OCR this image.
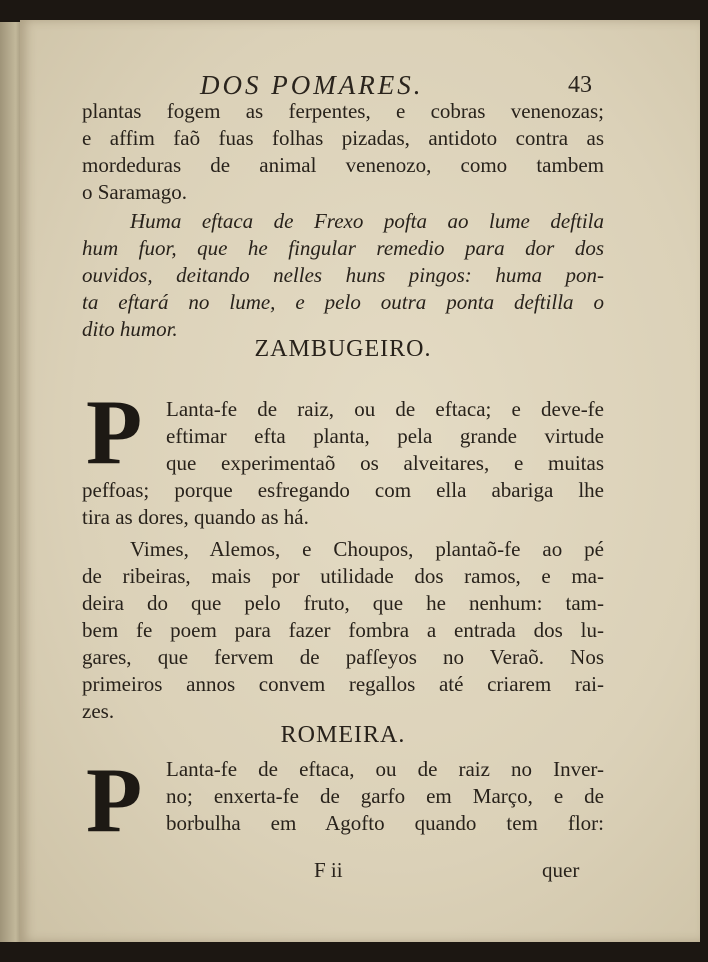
DOS POMARES.	43
plantas fogem as ferpentes, e cobras venenozas;
e affim faõ fuas folhas pizadas, antidoto contra as
mordeduras de animal venenozo, como tambem
o Saramago.
Huma eftaca de Frexo pofta ao lume deftila
hum fuor, que he fingular remedio para dor dos
ouvidos, deitando nelles huns pingos: huma pon-
ta eftará no lume, e pelo outra ponta deftilla o
dito humor.
ZAMBUGEIRO.
P Lanta-fe de raiz, ou de eftaca; e deve-fe
eftimar efta planta, pela grande virtude
que experimentaõ os alveitares, e muitas
peffoas; porque esfregando com ella abariga lhe
tira as dores, quando as há.
Vimes, Alemos, e Choupos, plantaõ-fe ao pé
de ribeiras, mais por utilidade dos ramos, e ma-
deira do que pelo fruto, que he nenhum: tam-
bem fe poem para fazer fombra a entrada dos lu-
gares, que fervem de pafſeyos no Veraõ. Nos
primeiros annos convem regallos até criarem rai-
zes.
ROMEIRA.
P Lanta-fe de eftaca, ou de raiz no Inver-
no; enxerta-fe de garfo em Março, e de
borbulha em Agofto quando tem flor:
F ii	quer
